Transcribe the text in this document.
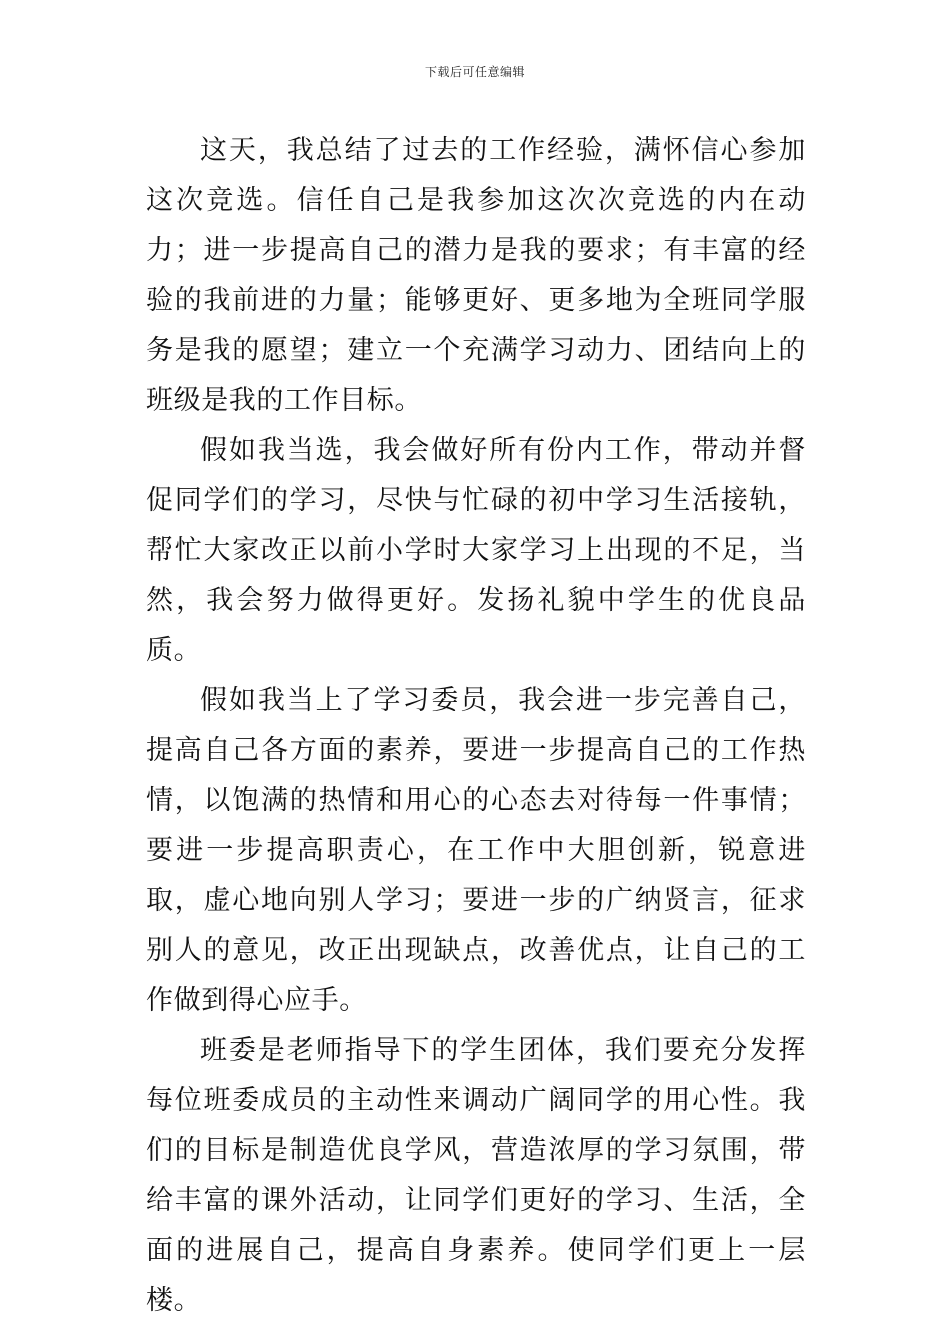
下载后可任意编辑

这天，我总结了过去的工作经验，满怀信心参加这次竞选。信任自己是我参加这次次竞选的内在动力；进一步提高自己的潜力是我的要求；有丰富的经验的我前进的力量；能够更好、更多地为全班同学服务是我的愿望；建立一个充满学习动力、团结向上的班级是我的工作目标。

假如我当选，我会做好所有份内工作，带动并督促同学们的学习，尽快与忙碌的初中学习生活接轨，帮忙大家改正以前小学时大家学习上出现的不足，当然，我会努力做得更好。发扬礼貌中学生的优良品质。

假如我当上了学习委员，我会进一步完善自己，提高自己各方面的素养，要进一步提高自己的工作热情，以饱满的热情和用心的心态去对待每一件事情；要进一步提高职责心，在工作中大胆创新，锐意进取，虚心地向别人学习；要进一步的广纳贤言，征求别人的意见，改正出现缺点，改善优点，让自己的工作做到得心应手。

班委是老师指导下的学生团体，我们要充分发挥每位班委成员的主动性来调动广阔同学的用心性。我们的目标是制造优良学风，营造浓厚的学习氛围，带给丰富的课外活动，让同学们更好的学习、生活，全面的进展自己，提高自身素养。使同学们更上一层楼。
